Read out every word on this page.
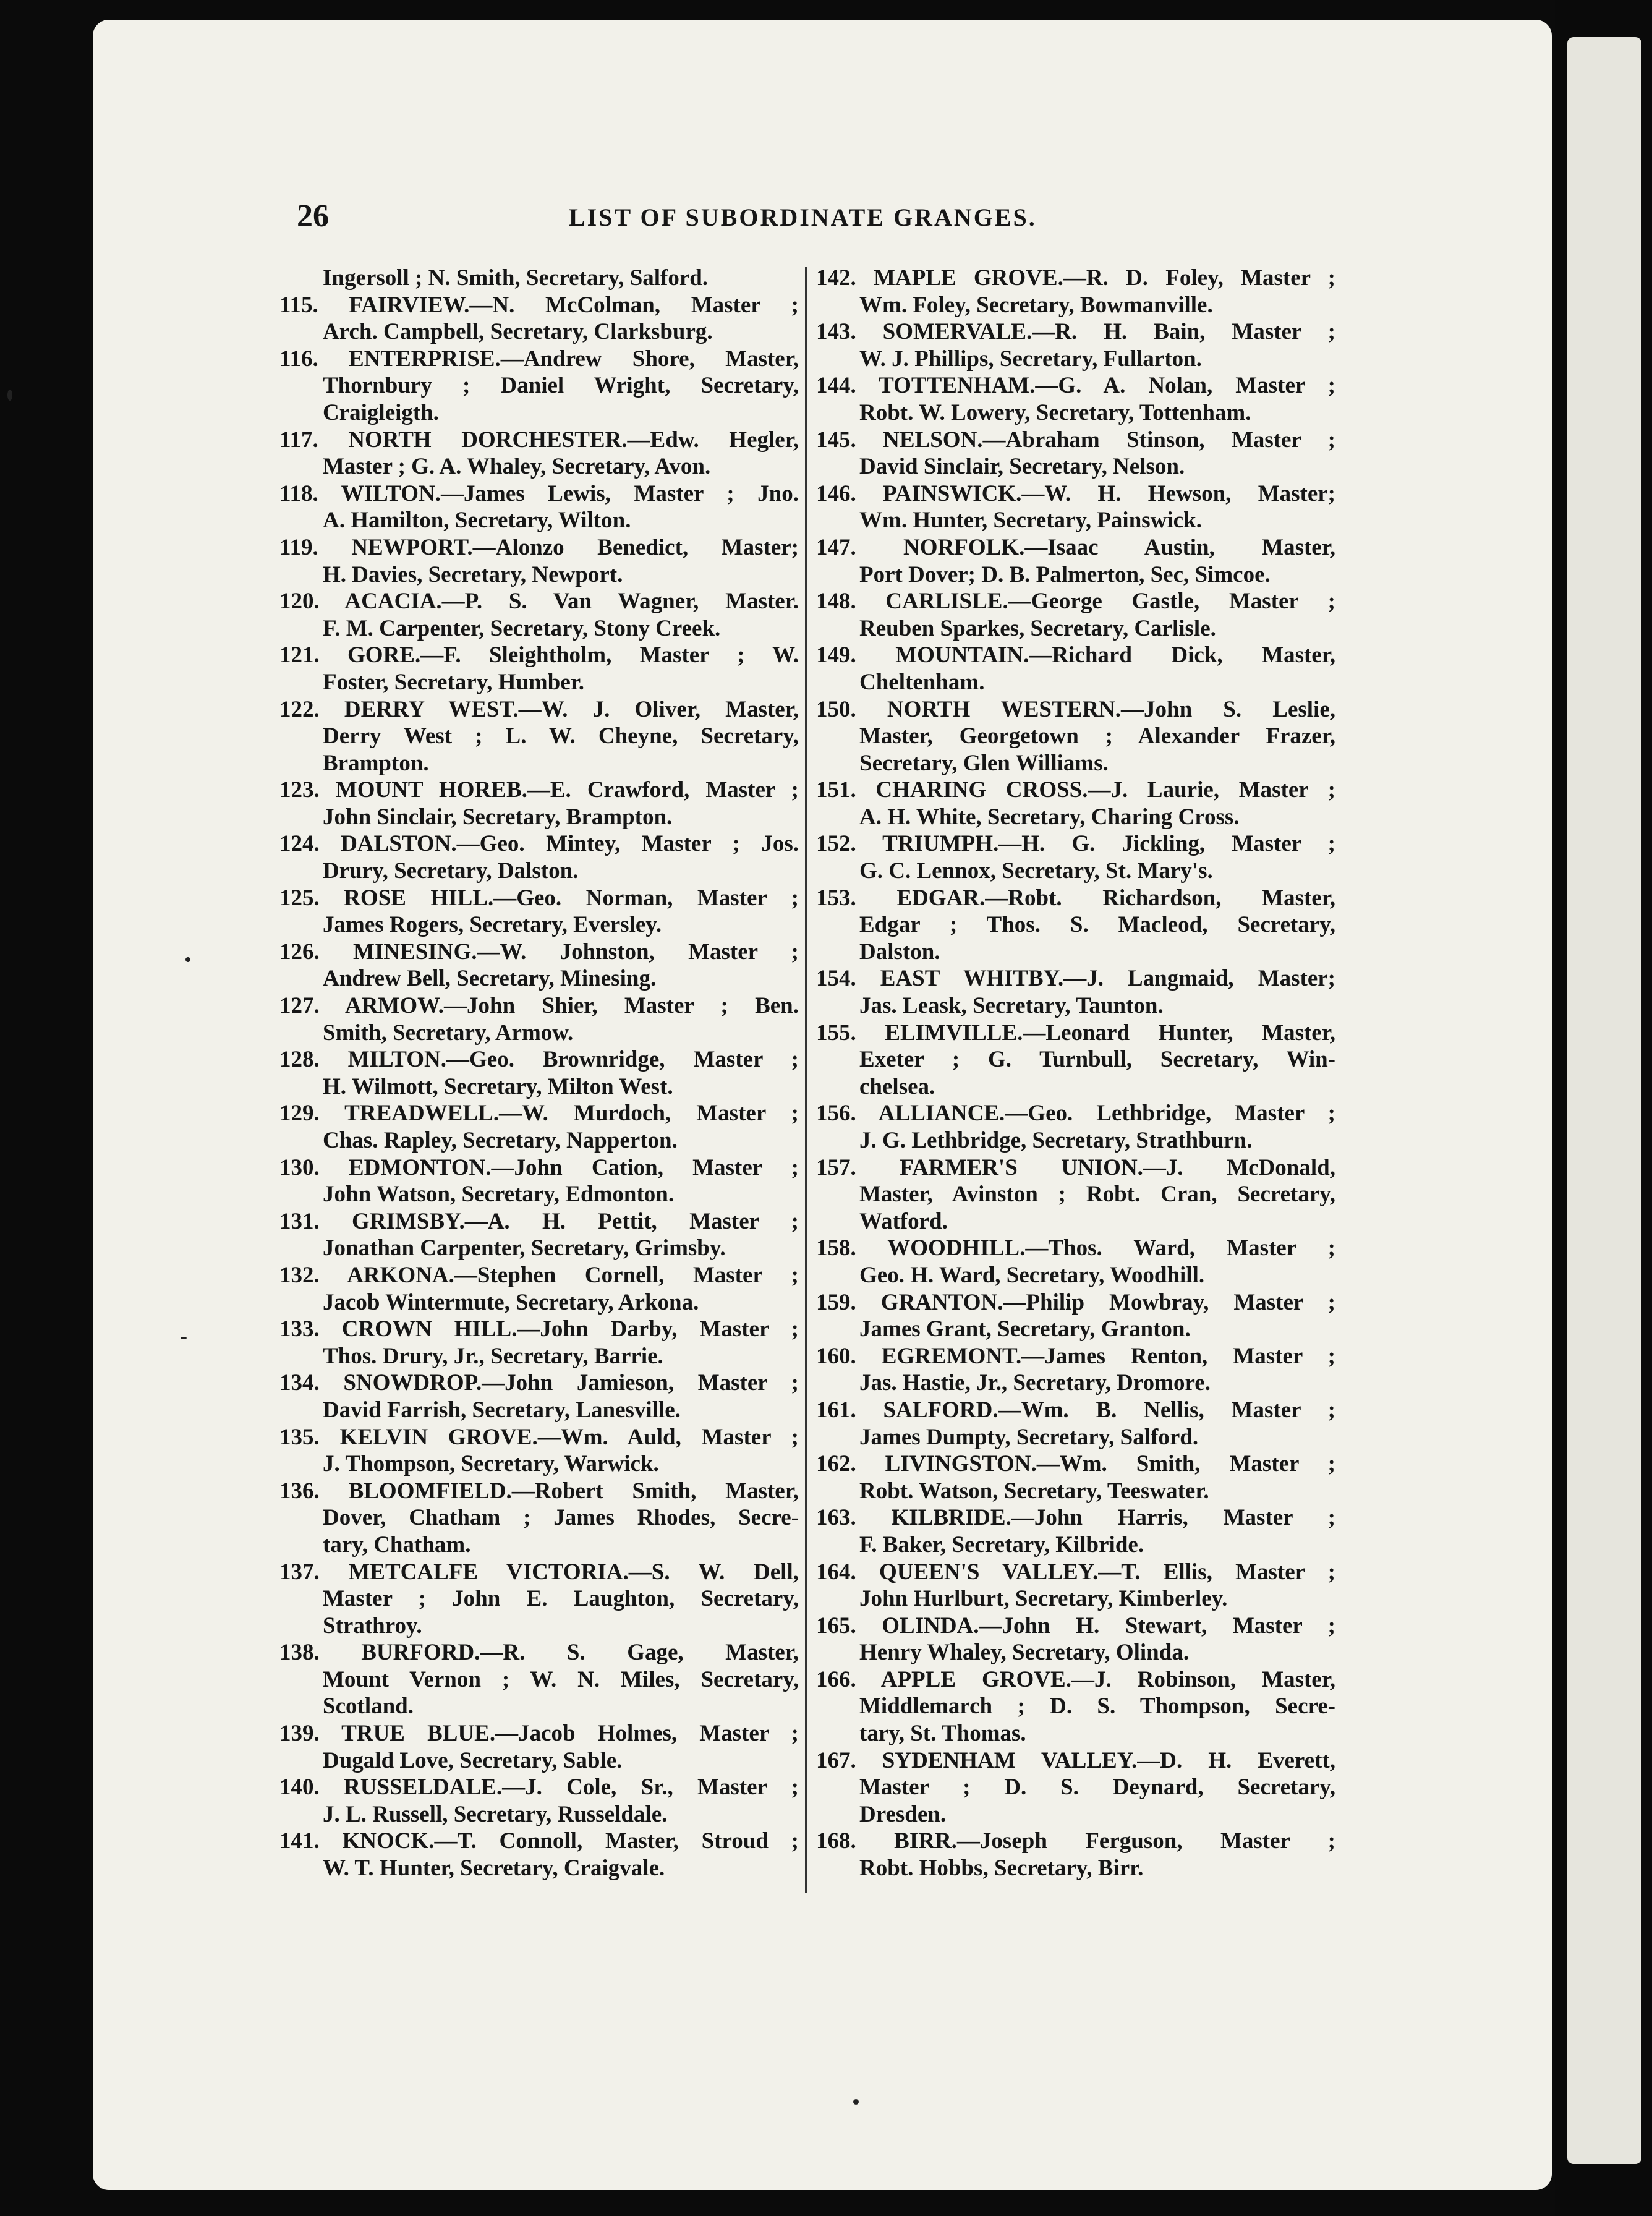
26	LIST OF SUBORDINATE GRANGES.
Ingersoll ; N. Smith, Secretary, Salford.
115. FAIRVIEW.—N. McColman, Master ;
Arch. Campbell, Secretary, Clarksburg.
116. ENTERPRISE.—Andrew Shore, Master,
Thornbury ; Daniel Wright, Secretary,
Craigleigth.
117. NORTH DORCHESTER.—Edw. Hegler,
Master ; G. A. Whaley, Secretary, Avon.
118. WILTON.—James Lewis, Master ; Jno.
A. Hamilton, Secretary, Wilton.
119. NEWPORT.—Alonzo Benedict, Master;
H. Davies, Secretary, Newport.
120. ACACIA.—P. S. Van Wagner, Master.
F. M. Carpenter, Secretary, Stony Creek.
121. GORE.—F. Sleightholm, Master ; W.
Foster, Secretary, Humber.
122. DERRY WEST.—W. J. Oliver, Master,
Derry West ; L. W. Cheyne, Secretary,
Brampton.
123. MOUNT HOREB.—E. Crawford, Master ;
John Sinclair, Secretary, Brampton.
124. DALSTON.—Geo. Mintey, Master ; Jos.
Drury, Secretary, Dalston.
125. ROSE HILL.—Geo. Norman, Master ;
James Rogers, Secretary, Eversley.
126. MINESING.—W. Johnston, Master ;
Andrew Bell, Secretary, Minesing.
127. ARMOW.—John Shier, Master ; Ben.
Smith, Secretary, Armow.
128. MILTON.—Geo. Brownridge, Master ;
H. Wilmott, Secretary, Milton West.
129. TREADWELL.—W. Murdoch, Master ;
Chas. Rapley, Secretary, Napperton.
130. EDMONTON.—John Cation, Master ;
John Watson, Secretary, Edmonton.
131. GRIMSBY.—A. H. Pettit, Master ;
Jonathan Carpenter, Secretary, Grimsby.
132. ARKONA.—Stephen Cornell, Master ;
Jacob Wintermute, Secretary, Arkona.
133. CROWN HILL.—John Darby, Master ;
Thos. Drury, Jr., Secretary, Barrie.
134. SNOWDROP.—John Jamieson, Master ;
David Farrish, Secretary, Lanesville.
135. KELVIN GROVE.—Wm. Auld, Master ;
J. Thompson, Secretary, Warwick.
136. BLOOMFIELD.—Robert Smith, Master,
Dover, Chatham ; James Rhodes, Secre-
tary, Chatham.
137. METCALFE VICTORIA.—S. W. Dell,
Master ; John E. Laughton, Secretary,
Strathroy.
138. BURFORD.—R. S. Gage, Master,
Mount Vernon ; W. N. Miles, Secretary,
Scotland.
139. TRUE BLUE.—Jacob Holmes, Master ;
Dugald Love, Secretary, Sable.
140. RUSSELDALE.—J. Cole, Sr., Master ;
J. L. Russell, Secretary, Russeldale.
141. KNOCK.—T. Connoll, Master, Stroud ;
W. T. Hunter, Secretary, Craigvale.
142. MAPLE GROVE.—R. D. Foley, Master ;
Wm. Foley, Secretary, Bowmanville.
143. SOMERVALE.—R. H. Bain, Master ;
W. J. Phillips, Secretary, Fullarton.
144. TOTTENHAM.—G. A. Nolan, Master ;
Robt. W. Lowery, Secretary, Tottenham.
145. NELSON.—Abraham Stinson, Master ;
David Sinclair, Secretary, Nelson.
146. PAINSWICK.—W. H. Hewson, Master;
Wm. Hunter, Secretary, Painswick.
147. NORFOLK.—Isaac Austin, Master,
Port Dover; D. B. Palmerton, Sec, Simcoe.
148. CARLISLE.—George Gastle, Master ;
Reuben Sparkes, Secretary, Carlisle.
149. MOUNTAIN.—Richard Dick, Master,
Cheltenham.
150. NORTH WESTERN.—John S. Leslie,
Master, Georgetown ; Alexander Frazer,
Secretary, Glen Williams.
151. CHARING CROSS.—J. Laurie, Master ;
A. H. White, Secretary, Charing Cross.
152. TRIUMPH.—H. G. Jickling, Master ;
G. C. Lennox, Secretary, St. Mary's.
153. EDGAR.—Robt. Richardson, Master,
Edgar ; Thos. S. Macleod, Secretary,
Dalston.
154. EAST WHITBY.—J. Langmaid, Master;
Jas. Leask, Secretary, Taunton.
155. ELIMVILLE.—Leonard Hunter, Master,
Exeter ; G. Turnbull, Secretary, Win-
chelsea.
156. ALLIANCE.—Geo. Lethbridge, Master ;
J. G. Lethbridge, Secretary, Strathburn.
157. FARMER'S UNION.—J. McDonald,
Master, Avinston ; Robt. Cran, Secretary,
Watford.
158. WOODHILL.—Thos. Ward, Master ;
Geo. H. Ward, Secretary, Woodhill.
159. GRANTON.—Philip Mowbray, Master ;
James Grant, Secretary, Granton.
160. EGREMONT.—James Renton, Master ;
Jas. Hastie, Jr., Secretary, Dromore.
161. SALFORD.—Wm. B. Nellis, Master ;
James Dumpty, Secretary, Salford.
162. LIVINGSTON.—Wm. Smith, Master ;
Robt. Watson, Secretary, Teeswater.
163. KILBRIDE.—John Harris, Master ;
F. Baker, Secretary, Kilbride.
164. QUEEN'S VALLEY.—T. Ellis, Master ;
John Hurlburt, Secretary, Kimberley.
165. OLINDA.—John H. Stewart, Master ;
Henry Whaley, Secretary, Olinda.
166. APPLE GROVE.—J. Robinson, Master,
Middlemarch ; D. S. Thompson, Secre-
tary, St. Thomas.
167. SYDENHAM VALLEY.—D. H. Everett,
Master ; D. S. Deynard, Secretary,
Dresden.
168. BIRR.—Joseph Ferguson, Master ;
Robt. Hobbs, Secretary, Birr.
